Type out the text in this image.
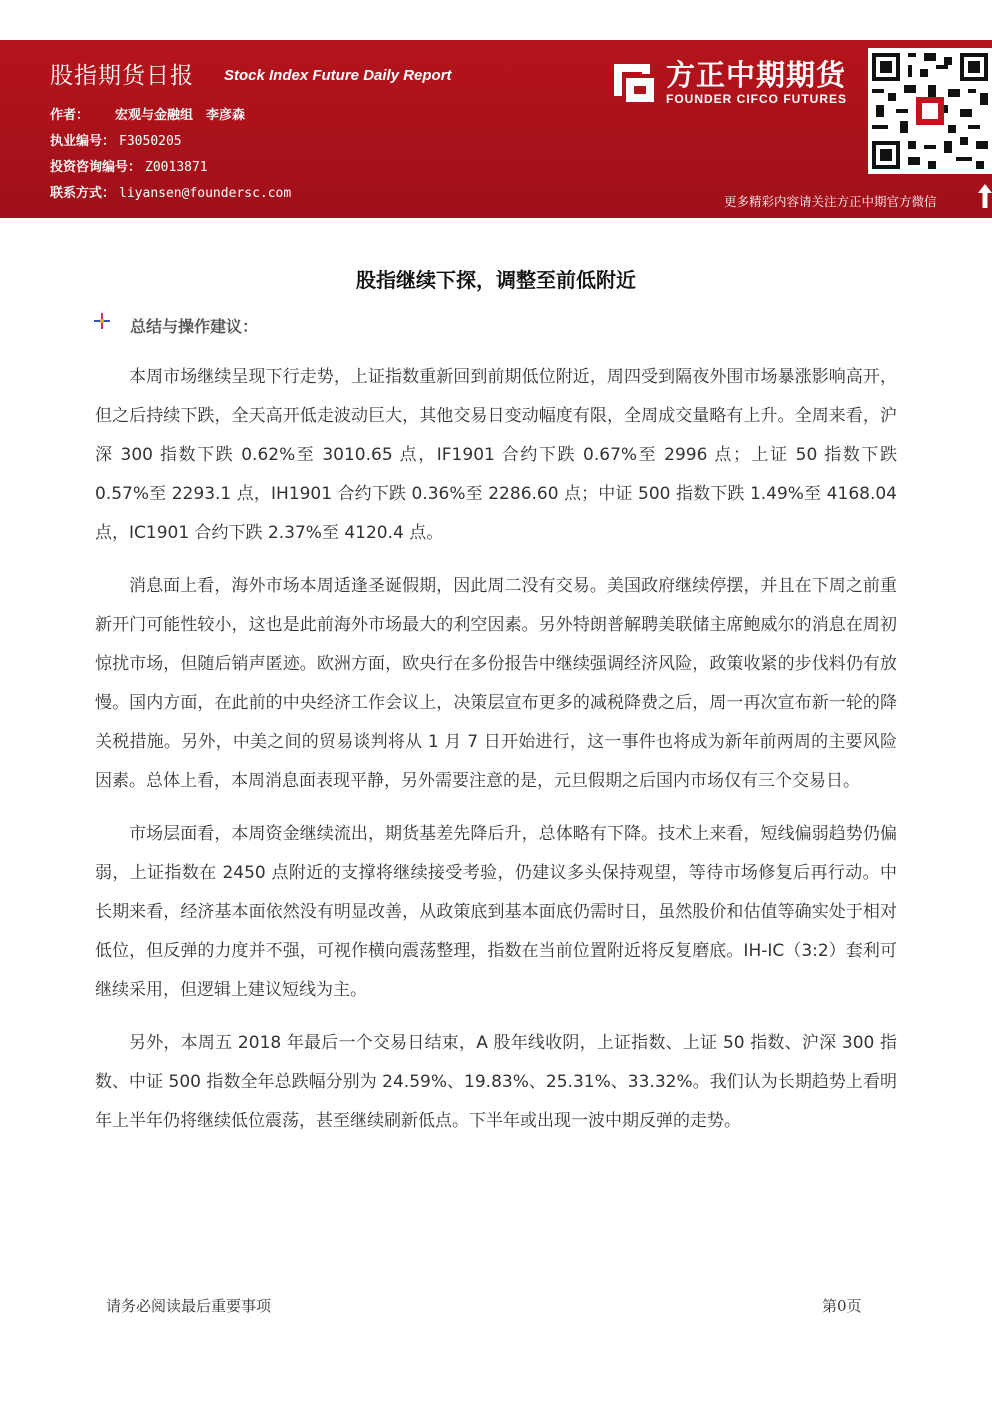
股指期货日报 Stock Index Future Daily Report
作者： 宏观与金融组　李彦森
执业编号： F3050205
投资咨询编号： Z0013871
联系方式： liyansen@foundersc.com
方正中期期货
FOUNDER CIFCO FUTURES
更多精彩内容请关注方正中期官方微信
股指继续下探，调整至前低附近
总结与操作建议：

本周市场继续呈现下行走势，上证指数重新回到前期低位附近，周四受到隔夜外围市场暴涨影响高开，但之后持续下跌，全天高开低走波动巨大，其他交易日变动幅度有限，全周成交量略有上升。全周来看，沪深 300 指数下跌 0.62%至 3010.65 点，IF1901 合约下跌 0.67%至 2996 点；上证 50 指数下跌 0.57%至 2293.1 点，IH1901 合约下跌 0.36%至 2286.60 点；中证 500 指数下跌 1.49%至 4168.04 点，IC1901 合约下跌 2.37%至 4120.4 点。

消息面上看，海外市场本周适逢圣诞假期，因此周二没有交易。美国政府继续停摆，并且在下周之前重新开门可能性较小，这也是此前海外市场最大的利空因素。另外特朗普解聘美联储主席鲍威尔的消息在周初惊扰市场，但随后销声匿迹。欧洲方面，欧央行在多份报告中继续强调经济风险，政策收紧的步伐料仍有放慢。国内方面，在此前的中央经济工作会议上，决策层宣布更多的减税降费之后，周一再次宣布新一轮的降关税措施。另外，中美之间的贸易谈判将从 1 月 7 日开始进行，这一事件也将成为新年前两周的主要风险因素。总体上看，本周消息面表现平静，另外需要注意的是，元旦假期之后国内市场仅有三个交易日。

市场层面看，本周资金继续流出，期货基差先降后升，总体略有下降。技术上来看，短线偏弱趋势仍偏弱，上证指数在 2450 点附近的支撑将继续接受考验，仍建议多头保持观望，等待市场修复后再行动。中长期来看，经济基本面依然没有明显改善，从政策底到基本面底仍需时日，虽然股价和估值等确实处于相对低位，但反弹的力度并不强，可视作横向震荡整理，指数在当前位置附近将反复磨底。IH-IC（3:2）套利可继续采用，但逻辑上建议短线为主。

另外，本周五 2018 年最后一个交易日结束，A 股年线收阴，上证指数、上证 50 指数、沪深 300 指数、中证 500 指数全年总跌幅分别为 24.59%、19.83%、25.31%、33.32%。我们认为长期趋势上看明年上半年仍将继续低位震荡，甚至继续刷新低点。下半年或出现一波中期反弹的走势。

请务必阅读最后重要事项	第0页
